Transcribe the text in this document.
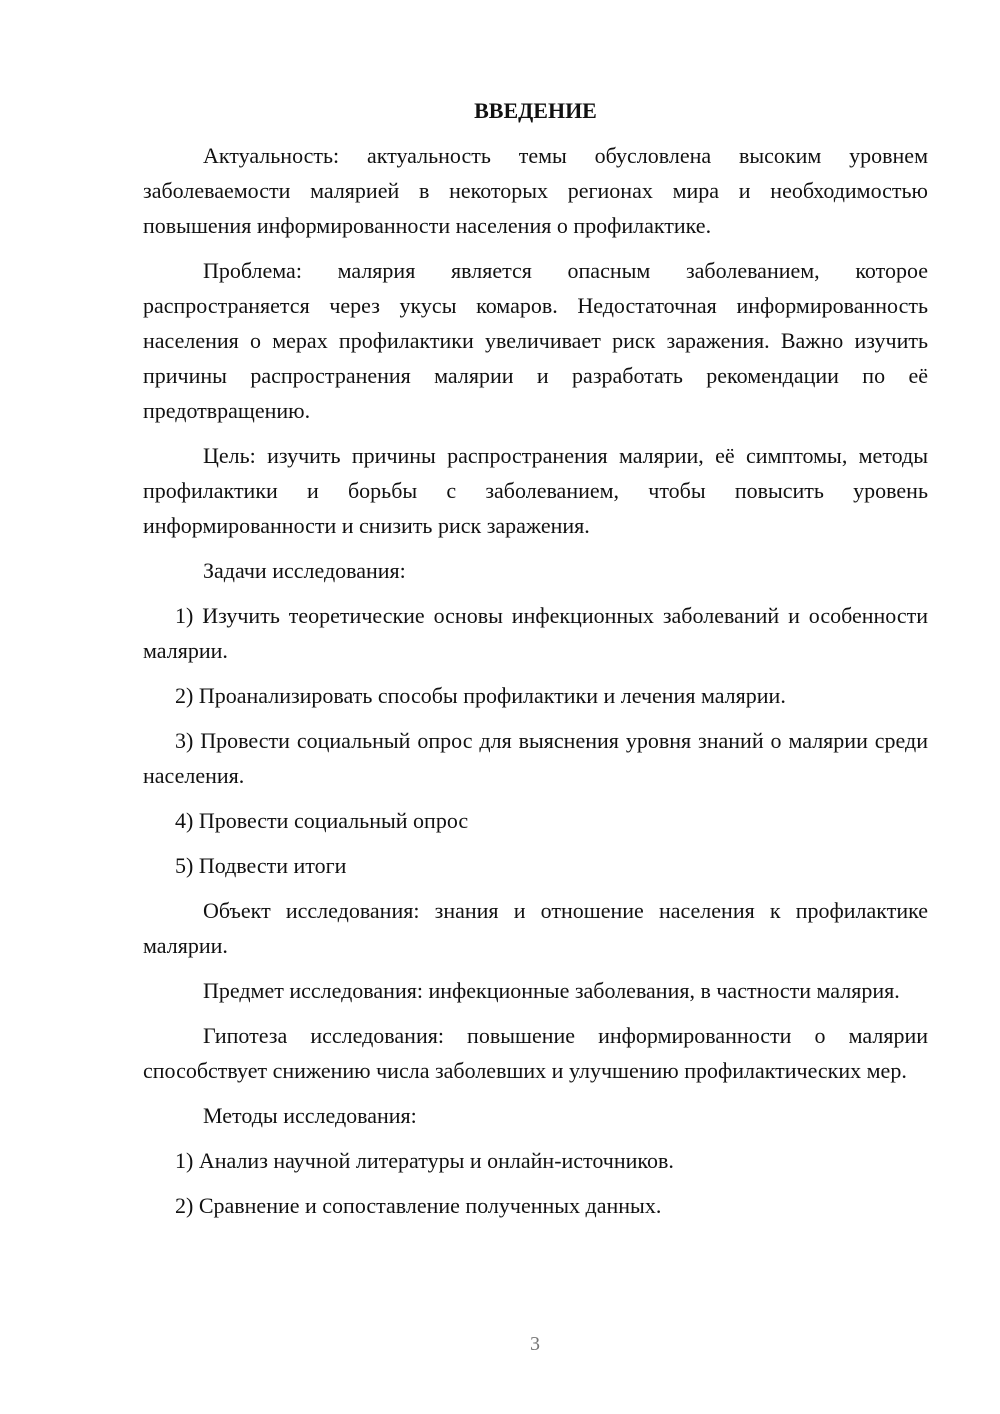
ВВЕДЕНИЕ

Актуальность: актуальность темы обусловлена высоким уровнем заболеваемости малярией в некоторых регионах мира и необходимостью повышения информированности населения о профилактике.

Проблема: малярия является опасным заболеванием, которое распространяется через укусы комаров. Недостаточная информированность населения о мерах профилактики увеличивает риск заражения. Важно изучить причины распространения малярии и разработать рекомендации по её предотвращению.

Цель: изучить причины распространения малярии, её симптомы, методы профилактики и борьбы с заболеванием, чтобы повысить уровень информированности и снизить риск заражения.

Задачи исследования:

1) Изучить теоретические основы инфекционных заболеваний и особенности малярии.

2) Проанализировать способы профилактики и лечения малярии.

3) Провести социальный опрос для выяснения уровня знаний о малярии среди населения.

4) Провести социальный опрос

5) Подвести итоги

Объект исследования: знания и отношение населения к профилактике малярии.

Предмет исследования: инфекционные заболевания, в частности малярия.

Гипотеза исследования: повышение информированности о малярии способствует снижению числа заболевших и улучшению профилактических мер.

Методы исследования:

1) Анализ научной литературы и онлайн-источников.

2) Сравнение и сопоставление полученных данных.

3
